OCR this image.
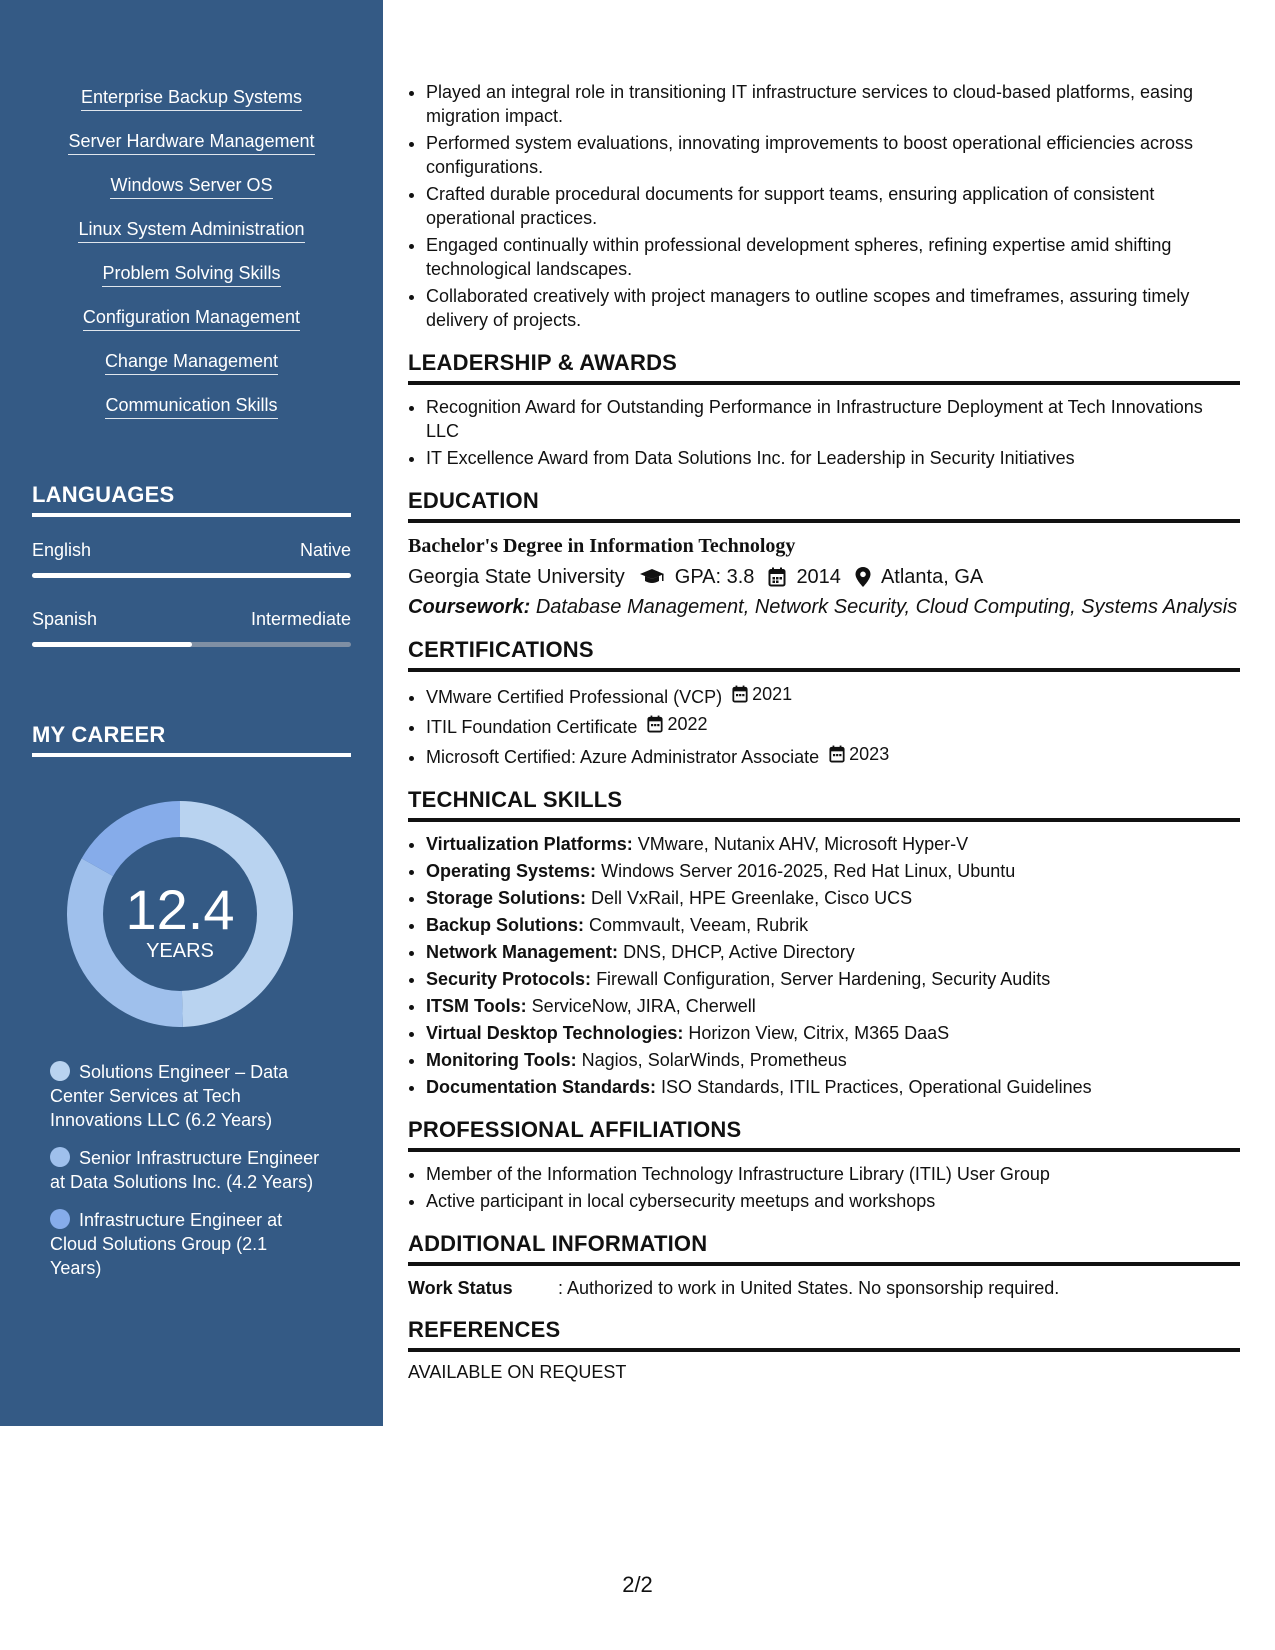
Enterprise Backup Systems
Server Hardware Management
Windows Server OS
Linux System Administration
Problem Solving Skills
Configuration Management
Change Management
Communication Skills
LANGUAGES
English	Native
Spanish	Intermediate
MY CAREER
12.4
YEARS
Solutions Engineer – Data Center Services at Tech Innovations LLC (6.2 Years)
Senior Infrastructure Engineer at Data Solutions Inc. (4.2 Years)
Infrastructure Engineer at Cloud Solutions Group (2.1 Years)
• Played an integral role in transitioning IT infrastructure services to cloud-based platforms, easing migration impact.
• Performed system evaluations, innovating improvements to boost operational efficiencies across configurations.
• Crafted durable procedural documents for support teams, ensuring application of consistent operational practices.
• Engaged continually within professional development spheres, refining expertise amid shifting technological landscapes.
• Collaborated creatively with project managers to outline scopes and timeframes, assuring timely delivery of projects.
LEADERSHIP & AWARDS
• Recognition Award for Outstanding Performance in Infrastructure Deployment at Tech Innovations LLC
• IT Excellence Award from Data Solutions Inc. for Leadership in Security Initiatives
EDUCATION
Bachelor's Degree in Information Technology
Georgia State University	GPA: 3.8 2014 Atlanta, GA
Coursework: Database Management, Network Security, Cloud Computing, Systems Analysis
CERTIFICATIONS
• VMware Certified Professional (VCP) 2021
• ITIL Foundation Certificate 2022
• Microsoft Certified: Azure Administrator Associate 2023
TECHNICAL SKILLS
• Virtualization Platforms: VMware, Nutanix AHV, Microsoft Hyper-V
• Operating Systems: Windows Server 2016-2025, Red Hat Linux, Ubuntu
• Storage Solutions: Dell VxRail, HPE Greenlake, Cisco UCS
• Backup Solutions: Commvault, Veeam, Rubrik
• Network Management: DNS, DHCP, Active Directory
• Security Protocols: Firewall Configuration, Server Hardening, Security Audits
• ITSM Tools: ServiceNow, JIRA, Cherwell
• Virtual Desktop Technologies: Horizon View, Citrix, M365 DaaS
• Monitoring Tools: Nagios, SolarWinds, Prometheus
• Documentation Standards: ISO Standards, ITIL Practices, Operational Guidelines
PROFESSIONAL AFFILIATIONS
• Member of the Information Technology Infrastructure Library (ITIL) User Group
• Active participant in local cybersecurity meetups and workshops
ADDITIONAL INFORMATION
Work Status	: Authorized to work in United States. No sponsorship required.
REFERENCES
AVAILABLE ON REQUEST
2/2
